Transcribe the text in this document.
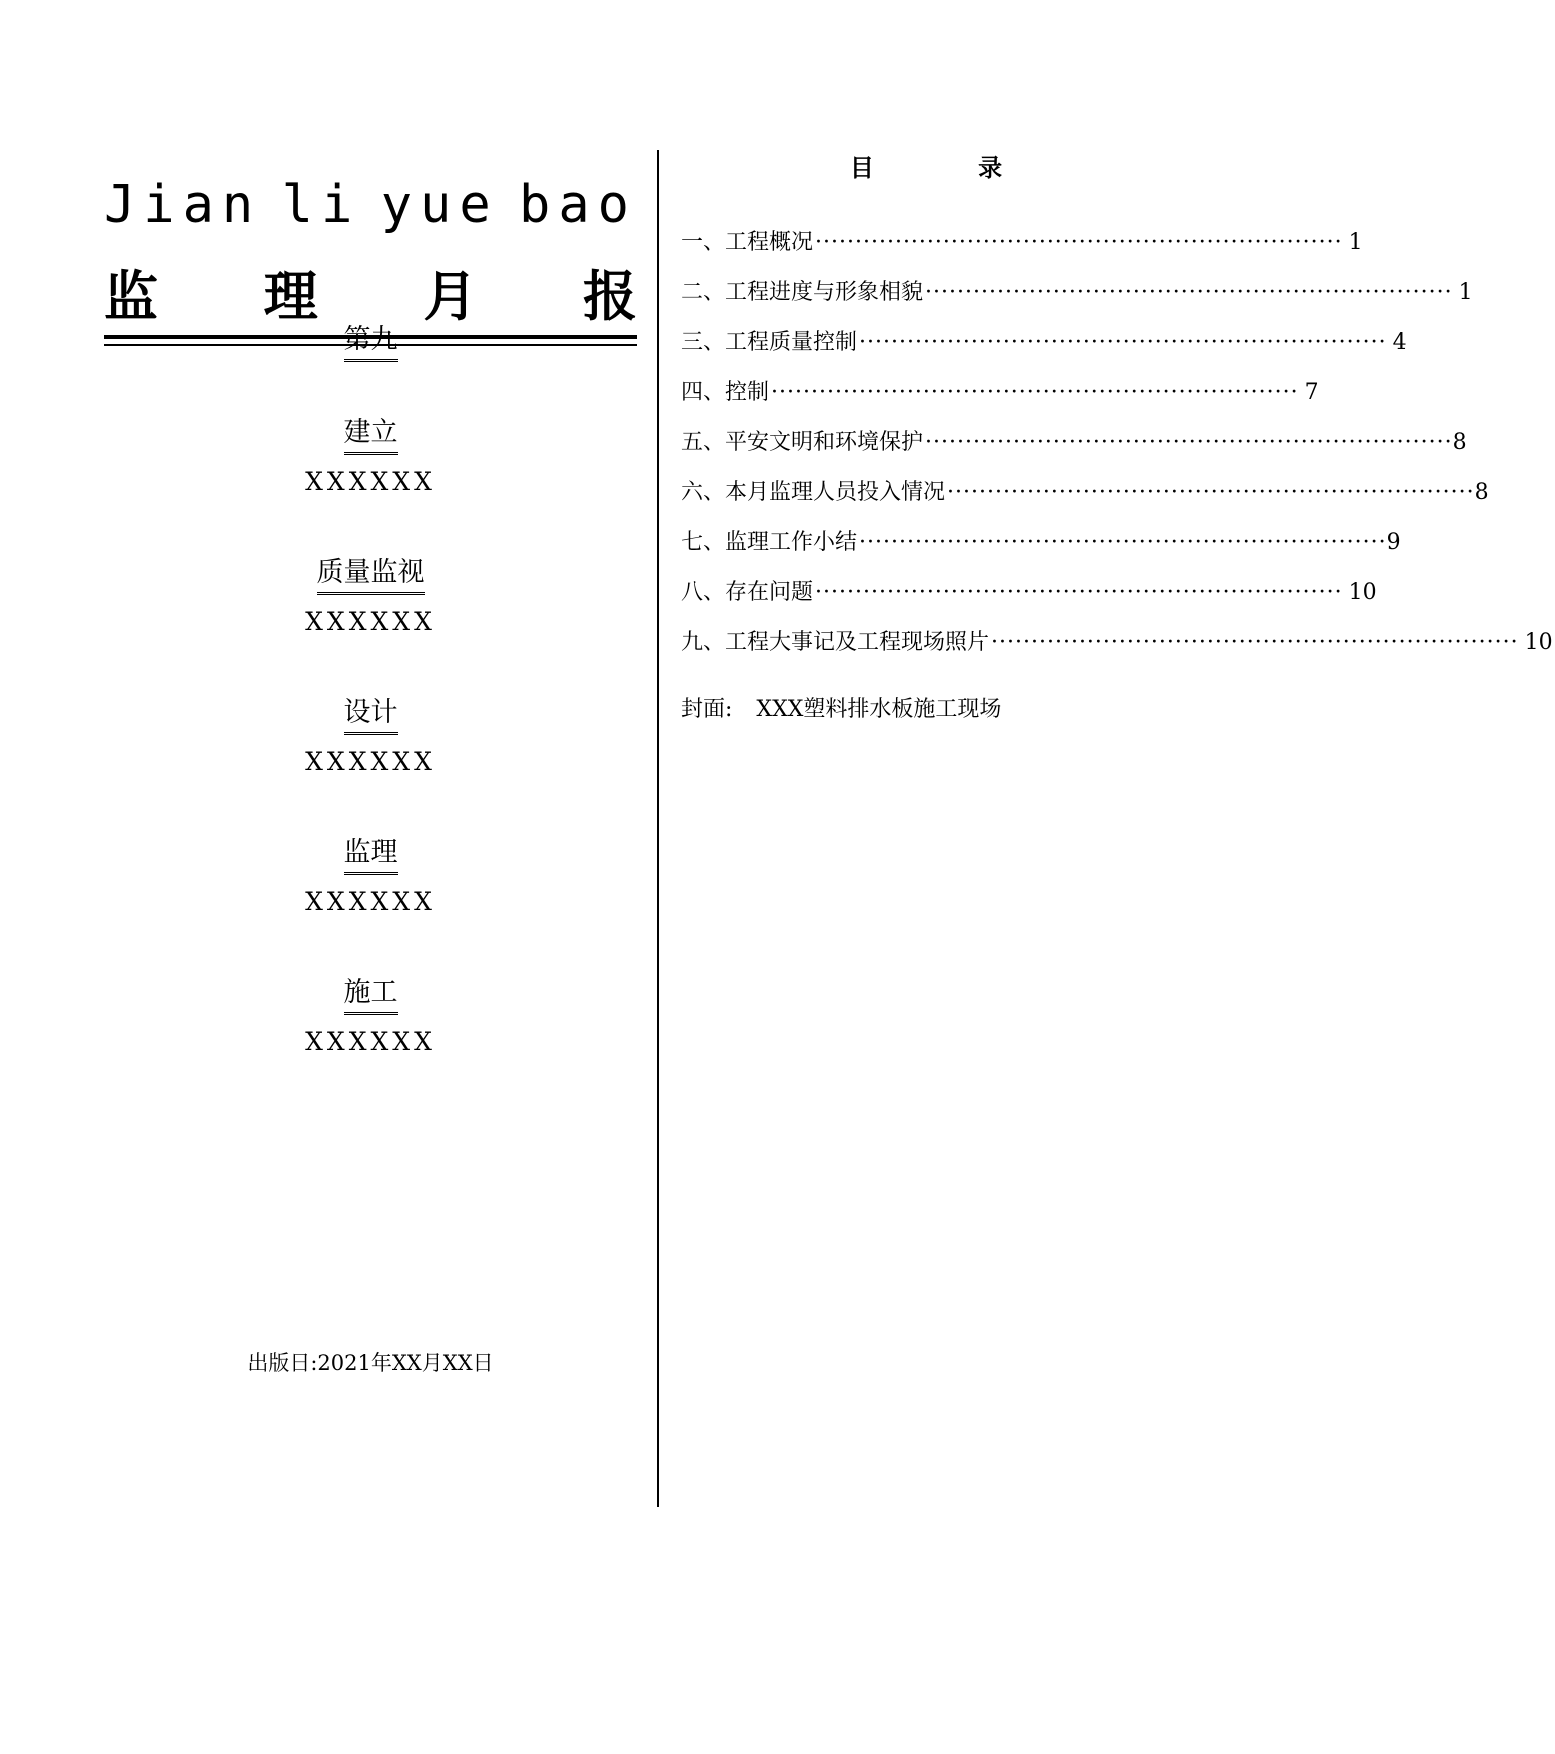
Jian li yue bao
监 理 月 报
第九
建立
XXXXXX
质量监视
XXXXXX
设计
XXXXXX
监理
XXXXXX
施工
XXXXXX
出版日:2021年XX月XX日
目 录
一、工程概况 ·································································· 1
二、工程进度与形象相貌 ·································································· 1
三、工程质量控制 ·································································· 4
四、控制 ·································································· 7
五、平安文明和环境保护 ·································································· 8
六、本月监理人员投入情况 ·································································· 8
七、监理工作小结 ·································································· 9
八、存在问题 ·································································· 10
九、工程大事记及工程现场照片 ·································································· 10
封面: XXX塑料排水板施工现场
